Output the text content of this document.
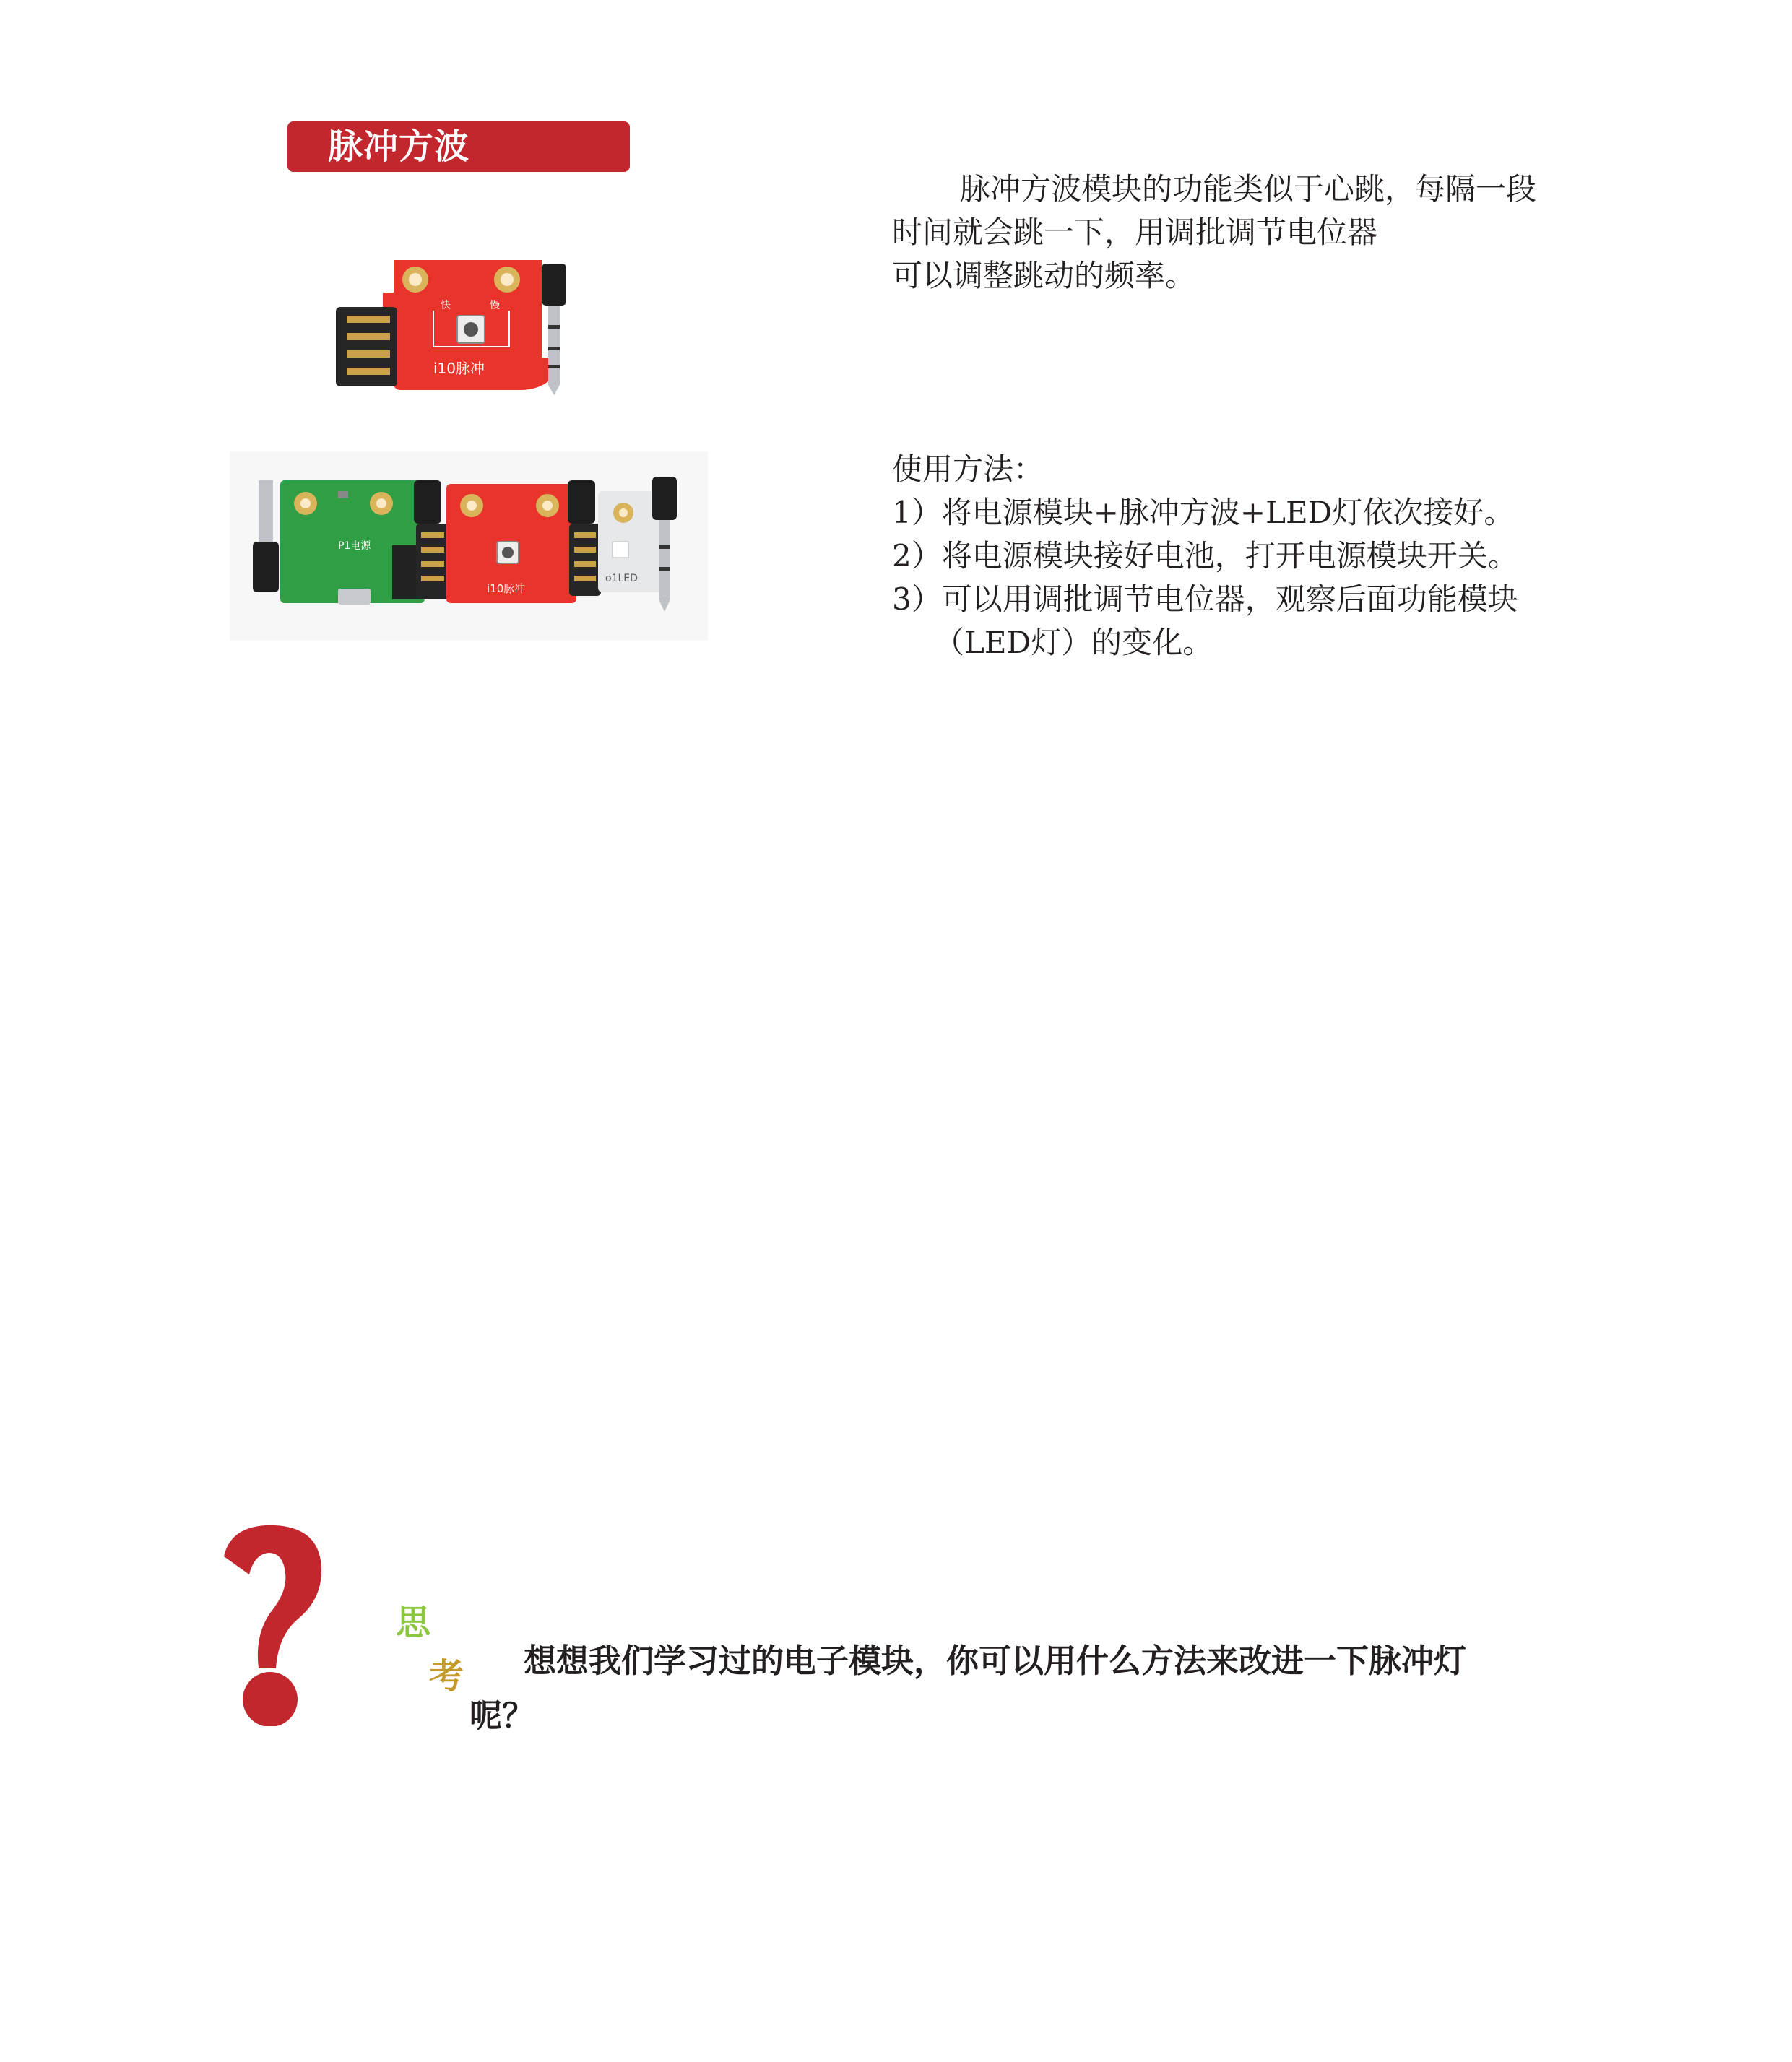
脉冲方波
快	慢
i10脉冲
P1电源
i10脉冲
o1LED
脉冲方波模块的功能类似于心跳，每隔一段
时间就会跳一下，用调批调节电位器
可以调整跳动的频率。
使用方法：
1）将电源模块+脉冲方波+LED灯依次接好。
2）将电源模块接好电池，打开电源模块开关。
3）可以用调批调节电位器，观察后面功能模块
（LED灯）的变化。
思
考 想想我们学习过的电子模块，你可以用什么方法来改进一下脉冲灯
呢？
